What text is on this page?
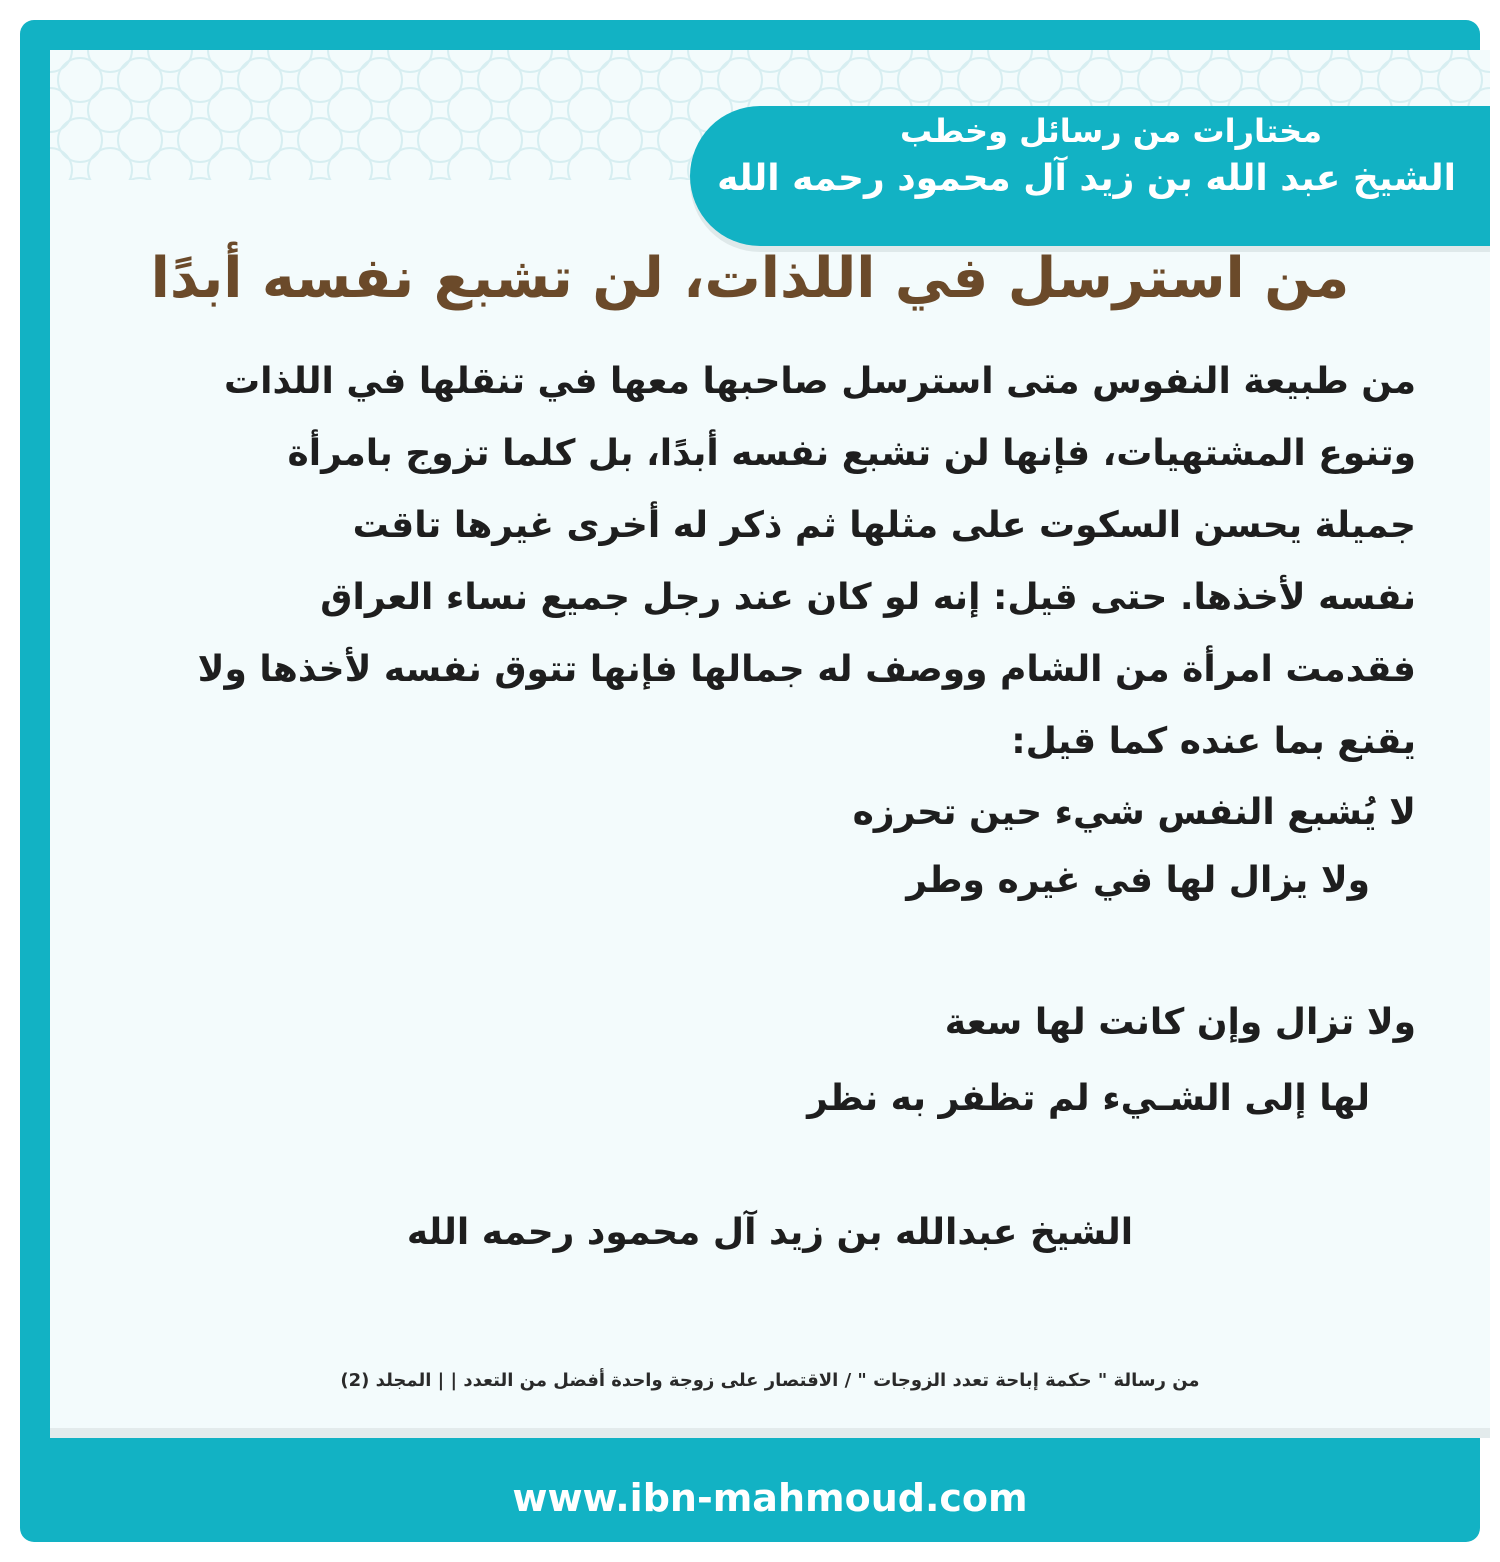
مختارات من رسائل وخطب
الشيخ عبد الله بن زيد آل محمود رحمه الله
من استرسل في اللذات، لن تشبع نفسه أبدًا
من طبيعة النفوس متى استرسل صاحبها معها في تنقلها في اللذات
وتنوع المشتهيات، فإنها لن تشبع نفسه أبدًا، بل كلما تزوج بامرأة
جميلة يحسن السكوت على مثلها ثم ذكر له أخرى غيرها تاقت
نفسه لأخذها. حتى قيل: إنه لو كان عند رجل جميع نساء العراق
فقدمت امرأة من الشام ووصف له جمالها فإنها تتوق نفسه لأخذها ولا
يقنع بما عنده كما قيل:
لا يُشبع النفس شيء حين تحرزه
ولا يزال لها في غيره وطر
ولا تزال وإن كانت لها سعة
لها إلى الشـيء لم تظفر به نظر
الشيخ عبدالله بن زيد آل محمود رحمه الله
من رسالة " حكمة إباحة تعدد الزوجات " / الاقتصار على زوجة واحدة أفضل من التعدد | | المجلد (2)
www.ibn-mahmoud.com
